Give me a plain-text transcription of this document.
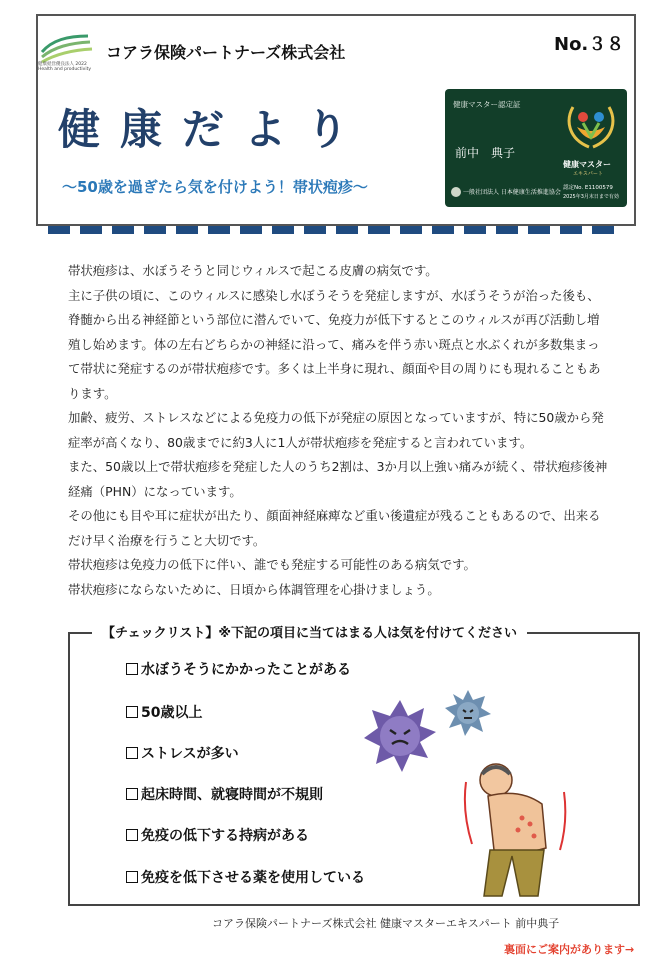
健康経営優良法人 2022 Health and productivity
コアラ保険パートナーズ株式会社	No.３８
健康だより
～50歳を過ぎたら気を付けよう！帯状疱疹～
健康マスター認定証
前中　典子
健康マスター
エキスパート
一般社団法人 日本健康生活推進協会
認定No. E1100579
2025年3月末日まで有効

帯状疱疹は、水ぼうそうと同じウィルスで起こる皮膚の病気です。

主に子供の頃に、このウィルスに感染し水ぼうそうを発症しますが、水ぼうそうが治った後も、脊髄から出る神経節という部位に潜んでいて、免疫力が低下するとこのウィルスが再び活動し増殖し始めます。体の左右どちらかの神経に沿って、痛みを伴う赤い斑点と水ぶくれが多数集まって帯状に発症するのが帯状疱疹です。多くは上半身に現れ、顔面や目の周りにも現れることもあります。

加齢、疲労、ストレスなどによる免疫力の低下が発症の原因となっていますが、特に50歳から発症率が高くなり、80歳までに約3人に1人が帯状疱疹を発症すると言われています。

また、50歳以上で帯状疱疹を発症した人のうち2割は、3か月以上強い痛みが続く、帯状疱疹後神経痛（PHN）になっています。

その他にも目や耳に症状が出たり、顔面神経麻痺など重い後遺症が残ることもあるので、出来るだけ早く治療を行うこと大切です。

帯状疱疹は免疫力の低下に伴い、誰でも発症する可能性のある病気です。

帯状疱疹にならないために、日頃から体調管理を心掛けましょう。

【チェックリスト】※下記の項目に当てはまる人は気を付けてください
水ぼうそうにかかったことがある
50歳以上
ストレスが多い
起床時間、就寝時間が不規則
免疫の低下する持病がある
免疫を低下させる薬を使用している
コアラ保険パートナーズ株式会社 健康マスターエキスパート 前中典子
裏面にご案内があります→
